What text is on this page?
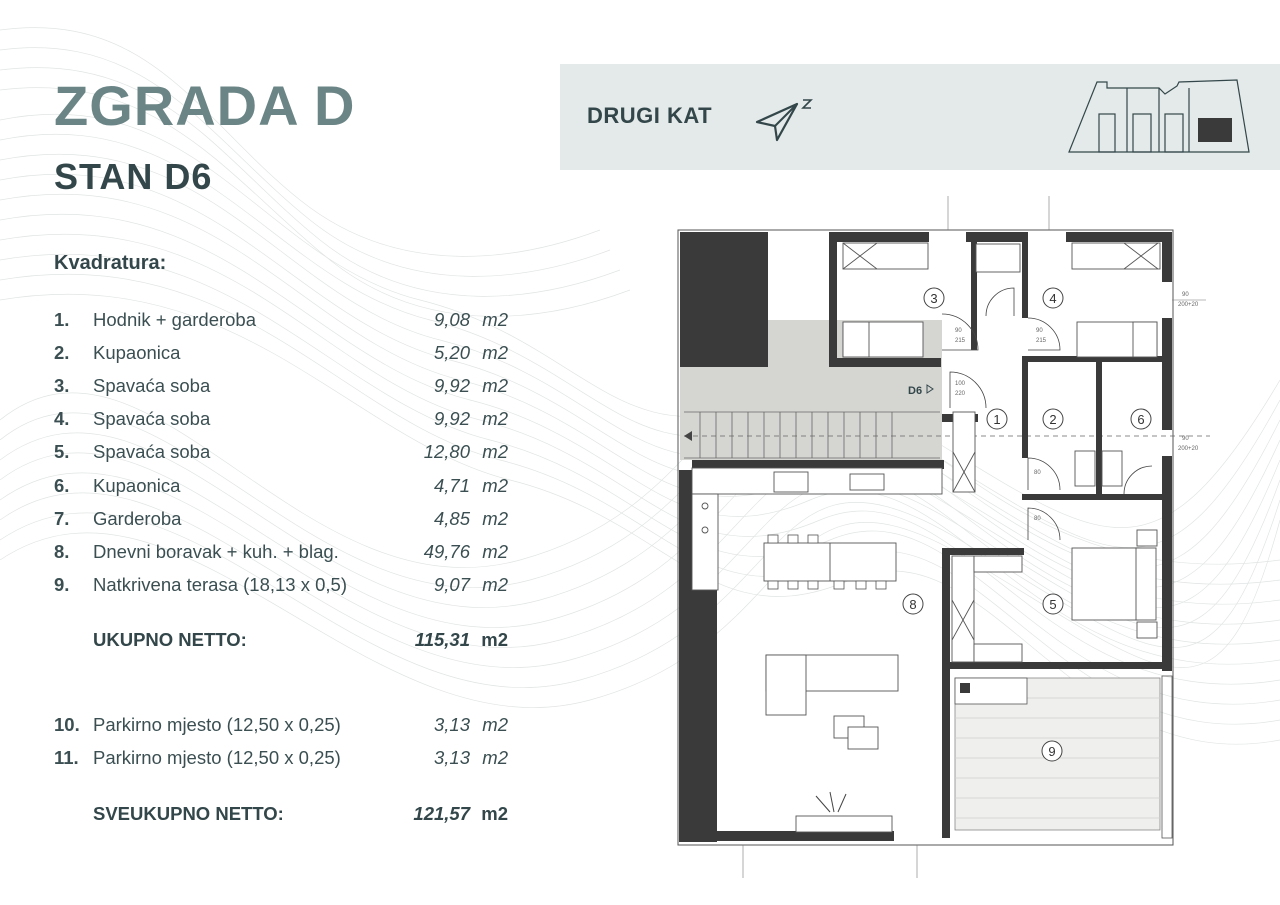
ZGRADA D
STAN D6
Kvadratura:
1. Hodnik + garderoba	9,08 m2
2. Kupaonica	5,20 m2
3. Spavaća soba	9,92 m2
4. Spavaća soba	9,92 m2
5. Spavaća soba	12,80 m2
6. Kupaonica	4,71 m2
7. Garderoba	4,85 m2
8. Dnevni boravak + kuh. + blag.	49,76 m2
9. Natkrivena terasa (18,13 x 0,5)	9,07 m2
UKUPNO NETTO:	115,31 m2
10. Parkirno mjesto (12,50 x 0,25)	3,13 m2
11. Parkirno mjesto (12,50 x 0,25)	3,13 m2
SVEUKUPNO NETTO:	121,57 m2
DRUGI KAT
3	4
1	2	6
5
8
9
D6
90
215
90
215
100
220
80
80
90
200+20
90
200+20
